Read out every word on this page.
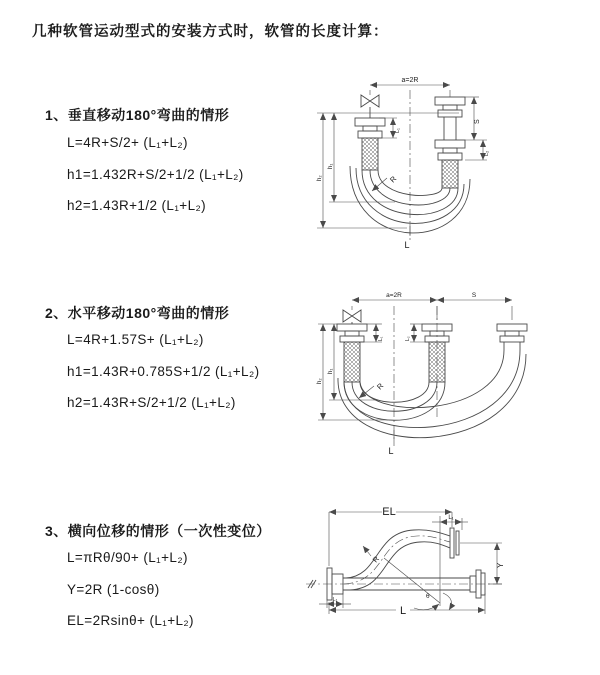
几种软管运动型式的安装方式时，软管的长度计算：
1、垂直移动180°弯曲的情形
L=4R+S/2+ (L₁+L₂)
h1=1.432R+S/2+1/2 (L₁+L₂)
h2=1.43R+1/2 (L₁+L₂)
2、水平移动180°弯曲的情形
L=4R+1.57S+ (L₁+L₂)
h1=1.43R+0.785S+1/2 (L₁+L₂)
h2=1.43R+S/2+1/2 (L₁+L₂)
3、横向位移的情形（一次性变位）
L=πRθ/90+ (L₁+L₂)
Y=2R (1-cosθ)
EL=2Rsinθ+ (L₁+L₂)
a=2R
S
L₁
L₂
h₁
h₂	R
L
a=2R	S
L₁	L₂
h₁
h₂
R
L
EL	L₁
Y
R
θ
L
L₁
